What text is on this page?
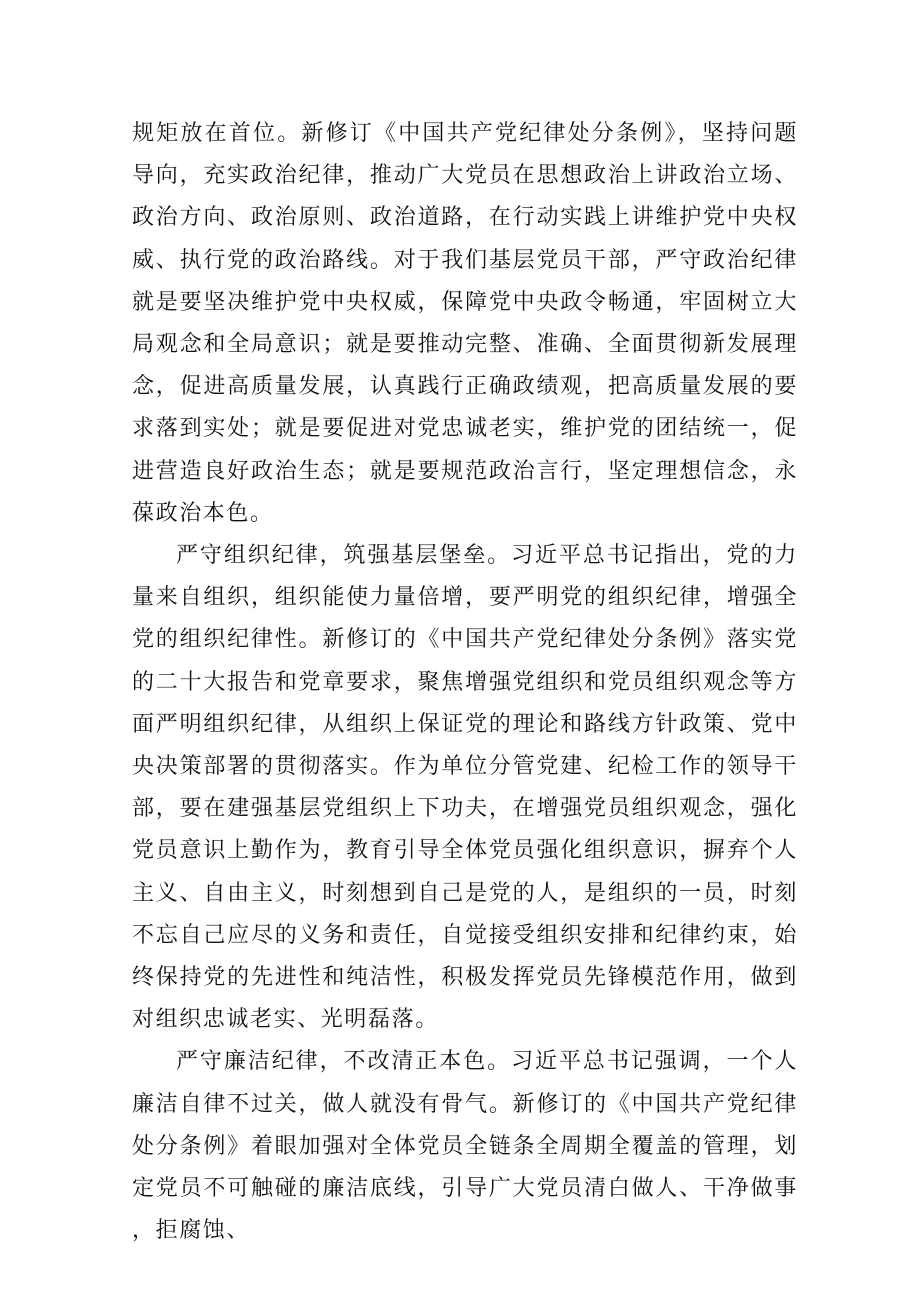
规矩放在首位。新修订《中国共产党纪律处分条例》，坚持问题导向，充实政治纪律，推动广大党员在思想政治上讲政治立场、政治方向、政治原则、政治道路，在行动实践上讲维护党中央权威、执行党的政治路线。对于我们基层党员干部，严守政治纪律就是要坚决维护党中央权威，保障党中央政令畅通，牢固树立大局观念和全局意识；就是要推动完整、准确、全面贯彻新发展理念，促进高质量发展，认真践行正确政绩观，把高质量发展的要求落到实处；就是要促进对党忠诚老实，维护党的团结统一，促进营造良好政治生态；就是要规范政治言行，坚定理想信念，永葆政治本色。

严守组织纪律，筑强基层堡垒。习近平总书记指出，党的力量来自组织，组织能使力量倍增，要严明党的组织纪律，增强全党的组织纪律性。新修订的《中国共产党纪律处分条例》落实党的二十大报告和党章要求，聚焦增强党组织和党员组织观念等方面严明组织纪律，从组织上保证党的理论和路线方针政策、党中央决策部署的贯彻落实。作为单位分管党建、纪检工作的领导干部，要在建强基层党组织上下功夫，在增强党员组织观念，强化党员意识上勤作为，教育引导全体党员强化组织意识，摒弃个人主义、自由主义，时刻想到自己是党的人，是组织的一员，时刻不忘自己应尽的义务和责任，自觉接受组织安排和纪律约束，始终保持党的先进性和纯洁性，积极发挥党员先锋模范作用，做到对组织忠诚老实、光明磊落。

严守廉洁纪律，不改清正本色。习近平总书记强调，一个人廉洁自律不过关，做人就没有骨气。新修订的《中国共产党纪律处分条例》着眼加强对全体党员全链条全周期全覆盖的管理，划定党员不可触碰的廉洁底线，引导广大党员清白做人、干净做事，拒腐蚀、
